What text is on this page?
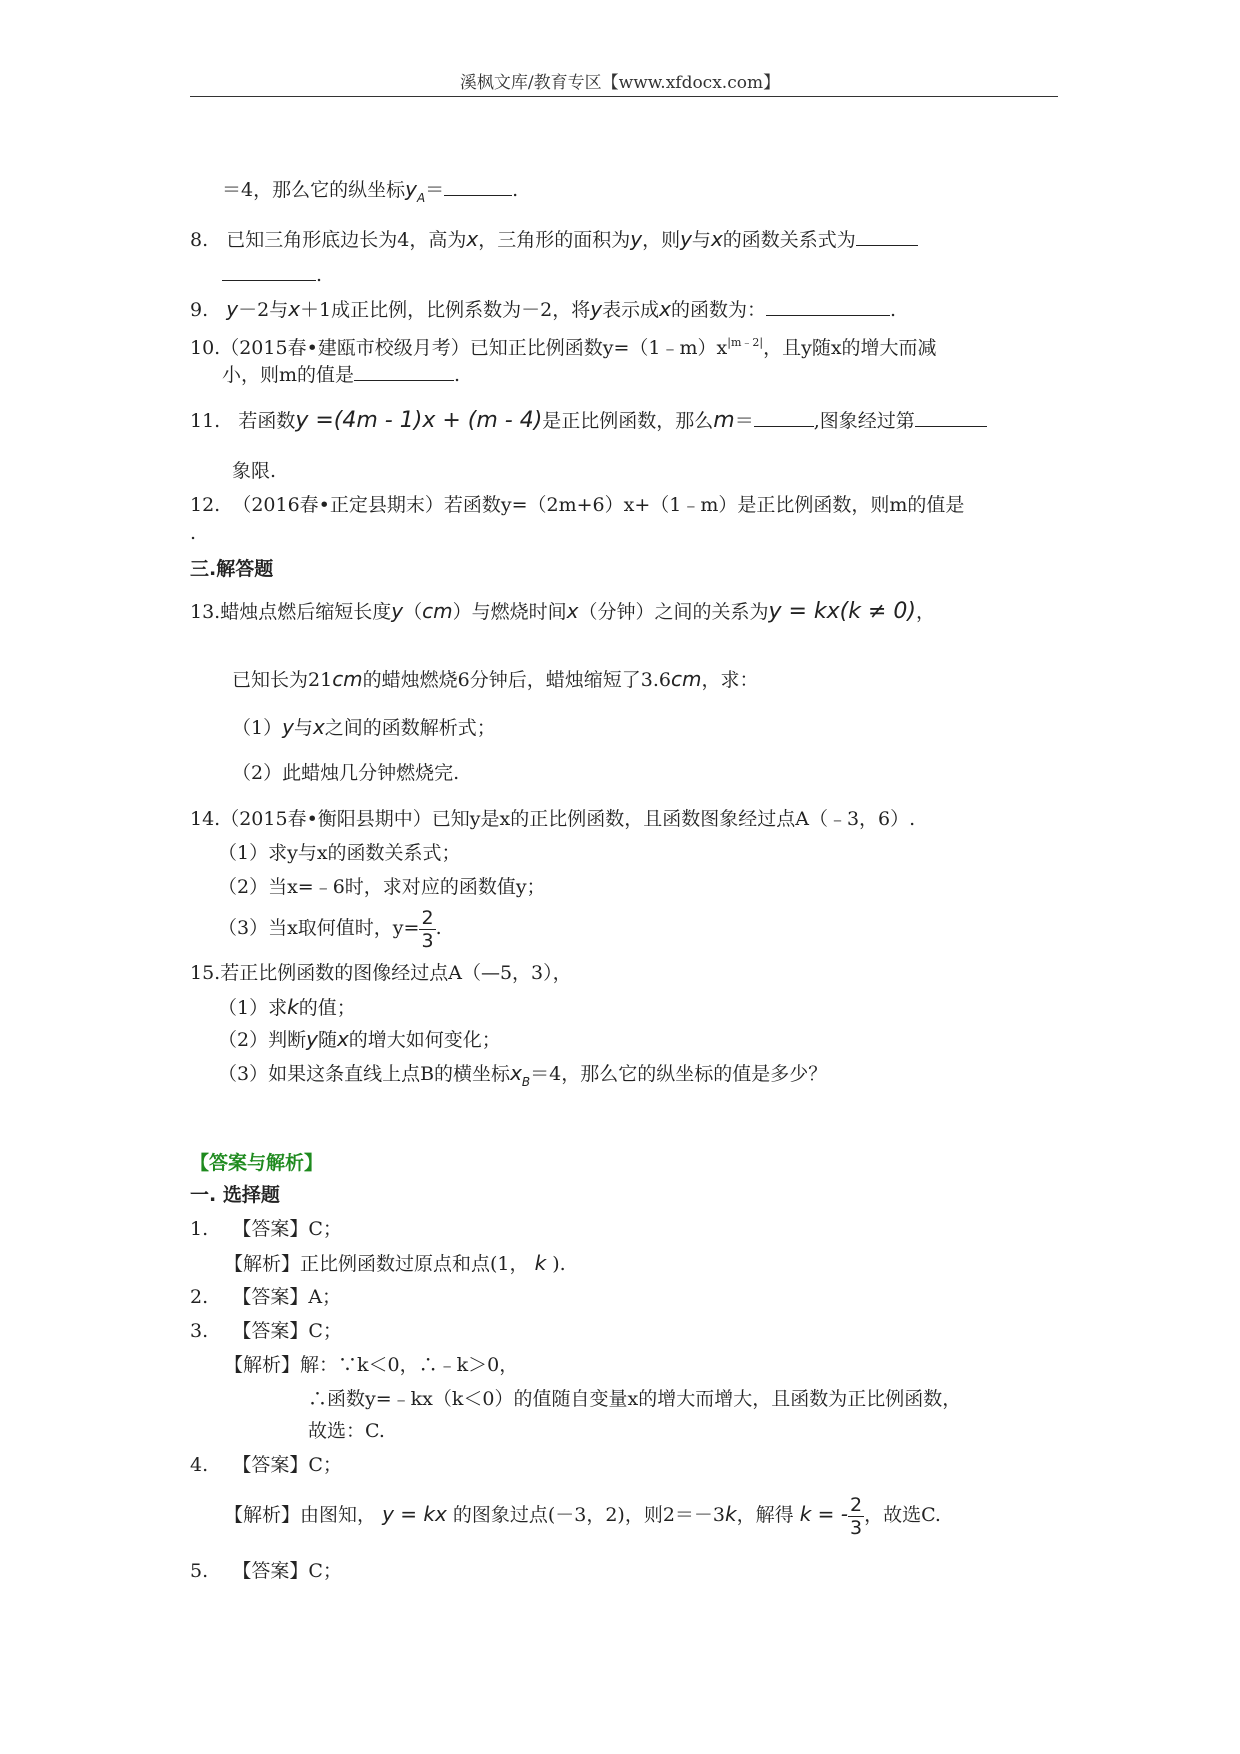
溪枫文库/教育专区【www.xfdocx.com】
＝4，那么它的纵坐标$y_A=$	.
8. 已知三角形底边长为4，高为x，三角形的面积为y，则y与x的函数关系式为
.
9. y－2与x＋1成正比例，比例系数为－2，将y表示成x的函数为：	.
10.（2015春•建瓯市校级月考）已知正比例函数$y=(1﹣m)x^{|m﹣2|}$，且y随x的增大而减
小，则m的值是	.
11. 若函数y =(4m - 1)x + (m - 4)是正比例函数，那么m＝	,图象经过第
象限.
12. （2016春•正定县期末）若函数y=（2m+6）x+（1﹣m）是正比例函数，则m的值是
.
三.解答题
13.蜡烛点燃后缩短长度y（cm）与燃烧时间x（分钟）之间的关系为y = kx(k ≠ 0)，
已知长为21cm的蜡烛燃烧6分钟后，蜡烛缩短了3.6cm，求：
（1）y与x之间的函数解析式；
（2）此蜡烛几分钟燃烧完.
14.（2015春•衡阳县期中）已知y是x的正比例函数，且函数图象经过点A（﹣3，6）.
（1）求y与x的函数关系式；
（2）当x=﹣6时，求对应的函数值y；
（3）当x取何值时，$y= \frac{2}{3}$ .
15.若正比例函数的图像经过点A（—5，3），
（1）求k的值；
（2）判断y随x的增大如何变化；
（3）如果这条直线上点B的横坐标$x_B=4$，那么它的纵坐标的值是多少？
【答案与解析】
一. 选择题
1. 【答案】C；
【解析】正比例函数过原点和点(1， k ).
2. 【答案】A；
3. 【答案】C；
【解析】解：∵k＜0，∴﹣k＞0，
∴函数y=﹣kx（k＜0）的值随自变量x的增大而增大，且函数为正比例函数，
故选：C.
4. 【答案】C；
【解析】由图知， y = kx 的图象过点(－3，2)，则2＝－3k，解得 k = - $\frac{2}{3}$ ，故选C.
5. 【答案】C；
